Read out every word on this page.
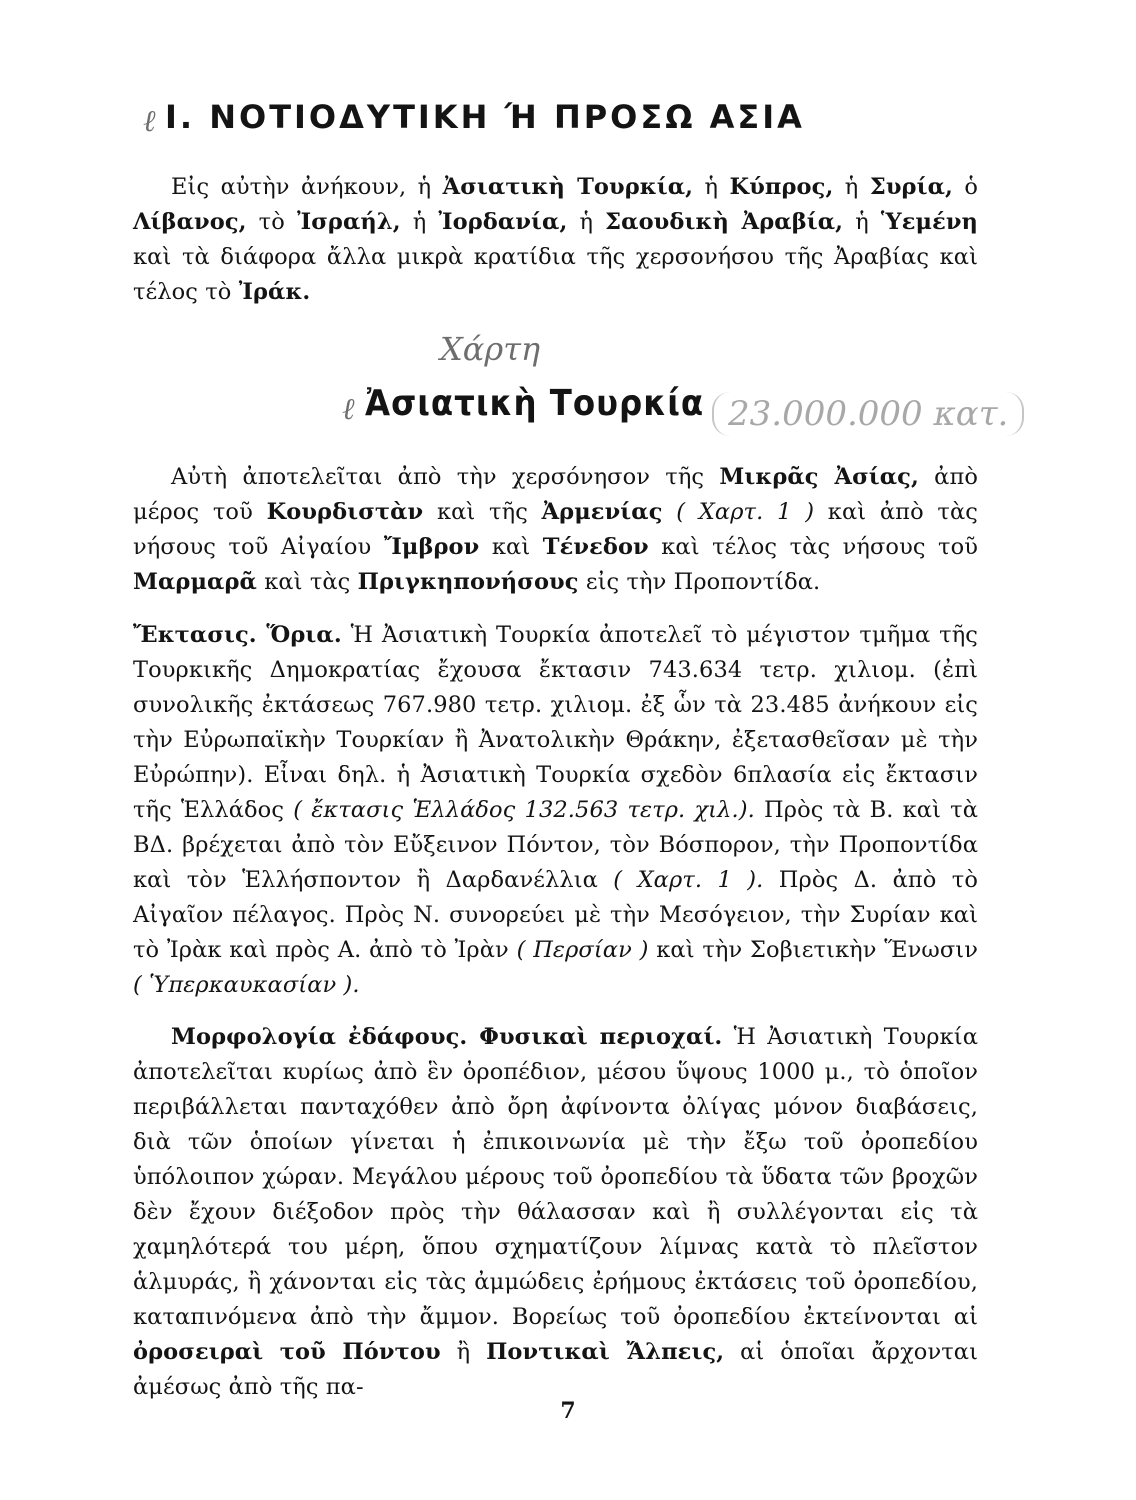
ℓ I. ΝΟΤΙΟΔΥΤΙΚΗ Ή ΠΡΟΣΩ ΑΣΙΑ

Εἰς αὐτὴν ἀνήκουν, ἡ Ἀσιατικὴ Τουρκία, ἡ Κύπρος, ἡ Συρία, ὁ Λίβανος, τὸ Ἰσραήλ, ἡ Ἰορδανία, ἡ Σαουδικὴ Ἀραβία, ἡ Ὑεμένη καὶ τὰ διάφορα ἄλλα μικρὰ κρατίδια τῆς χερσονήσου τῆς Ἀραβίας καὶ τέλος τὸ Ἰράκ.

Χάρτη
ℓ Ἀσιατικὴ Τουρκία 23.000.000 κατ.

Αὐτὴ ἀποτελεῖται ἀπὸ τὴν χερσόνησον τῆς Μικρᾶς Ἀσίας, ἀπὸ μέρος τοῦ Κουρδιστὰν καὶ τῆς Ἀρμενίας ( Χαρτ. 1 ) καὶ ἀπὸ τὰς νήσους τοῦ Αἰγαίου Ἴμβρον καὶ Τένεδον καὶ τέλος τὰς νήσους τοῦ Μαρμαρᾶ καὶ τὰς Πριγκηπονήσους εἰς τὴν Προποντίδα.

Ἔκτασις. Ὅρια. Ἡ Ἀσιατικὴ Τουρκία ἀποτελεῖ τὸ μέγιστον τμῆμα τῆς Τουρκικῆς Δημοκρατίας ἔχουσα ἔκτασιν 743.634 τετρ. χιλιομ. (ἐπὶ συνολικῆς ἐκτάσεως 767.980 τετρ. χιλιομ. ἐξ ὧν τὰ 23.485 ἀνήκουν εἰς τὴν Εὐρωπαϊκὴν Τουρκίαν ἢ Ἀνατολικὴν Θράκην, ἐξετασθεῖσαν μὲ τὴν Εὐρώπην). Εἶναι δηλ. ἡ Ἀσιατικὴ Τουρκία σχεδὸν 6πλασία εἰς ἔκτασιν τῆς Ἑλλάδος ( ἔκτασις Ἑλλάδος 132.563 τετρ. χιλ.). Πρὸς τὰ Β. καὶ τὰ ΒΔ. βρέχεται ἀπὸ τὸν Εὔξεινον Πόντον, τὸν Βόσπορον, τὴν Προποντίδα καὶ τὸν Ἑλλήσποντον ἢ Δαρδανέλλια ( Χαρτ. 1 ). Πρὸς Δ. ἀπὸ τὸ Αἰγαῖον πέλαγος. Πρὸς Ν. συνορεύει μὲ τὴν Μεσόγειον, τὴν Συρίαν καὶ τὸ Ἰρὰκ καὶ πρὸς Α. ἀπὸ τὸ Ἰρὰν ( Περσίαν ) καὶ τὴν Σοβιετικὴν Ἕνωσιν ( Ὑπερκαυκασίαν ).

Μορφολογία ἐδάφους. Φυσικαὶ περιοχαί. Ἡ Ἀσιατικὴ Τουρκία ἀποτελεῖται κυρίως ἀπὸ ἓν ὀροπέδιον, μέσου ὕψους 1000 μ., τὸ ὁποῖον περιβάλλεται πανταχόθεν ἀπὸ ὄρη ἀφίνοντα ὀλίγας μόνον διαβάσεις, διὰ τῶν ὁποίων γίνεται ἡ ἐπικοινωνία μὲ τὴν ἔξω τοῦ ὀροπεδίου ὑπόλοιπον χώραν. Μεγάλου μέρους τοῦ ὀροπεδίου τὰ ὕδατα τῶν βροχῶν δὲν ἔχουν διέξοδον πρὸς τὴν θάλασσαν καὶ ἢ συλλέγονται εἰς τὰ χαμηλότερά του μέρη, ὅπου σχηματίζουν λίμνας κατὰ τὸ πλεῖστον ἁλμυράς, ἢ χάνονται εἰς τὰς ἀμμώδεις ἐρήμους ἐκτάσεις τοῦ ὀροπεδίου, καταπινόμενα ἀπὸ τὴν ἄμμον. Βορείως τοῦ ὀροπεδίου ἐκτείνονται αἱ ὀροσειραὶ τοῦ Πόντου ἢ Ποντικαὶ Ἄλπεις, αἱ ὁποῖαι ἄρχονται ἀμέσως ἀπὸ τῆς πα-

7
